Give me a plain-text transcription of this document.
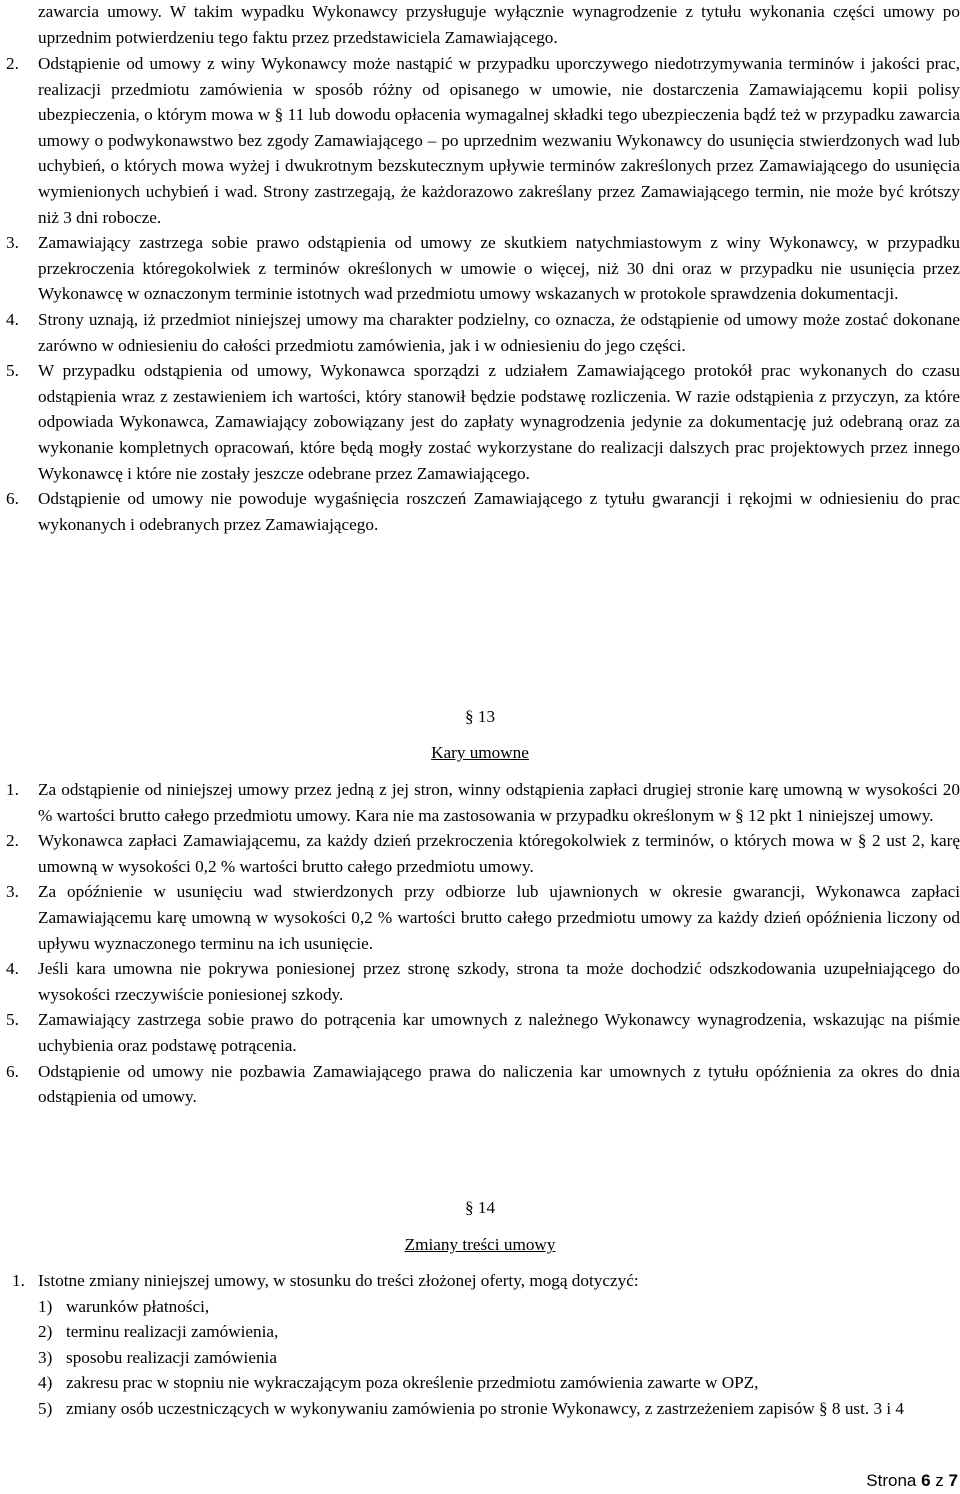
zawarcia umowy. W takim wypadku Wykonawcy przysługuje wyłącznie wynagrodzenie z tytułu wykonania części umowy po uprzednim potwierdzeniu tego faktu przez przedstawiciela Zamawiającego.
2. Odstąpienie od umowy z winy Wykonawcy może nastąpić w przypadku uporczywego niedotrzymywania terminów i jakości prac, realizacji przedmiotu zamówienia w sposób różny od opisanego w umowie, nie dostarczenia Zamawiającemu kopii polisy ubezpieczenia, o którym mowa w § 11 lub dowodu opłacenia wymagalnej składki tego ubezpieczenia bądź też w przypadku zawarcia umowy o podwykonawstwo bez zgody Zamawiającego – po uprzednim wezwaniu Wykonawcy do usunięcia stwierdzonych wad lub uchybień, o których mowa wyżej i dwukrotnym bezskutecznym upływie terminów zakreślonych przez Zamawiającego do usunięcia wymienionych uchybień i wad. Strony zastrzegają, że każdorazowo zakreślany przez Zamawiającego termin, nie może być krótszy niż 3 dni robocze.
3. Zamawiający zastrzega sobie prawo odstąpienia od umowy ze skutkiem natychmiastowym z winy Wykonawcy, w przypadku przekroczenia któregokolwiek z terminów określonych w umowie o więcej, niż 30 dni oraz w przypadku nie usunięcia przez Wykonawcę w oznaczonym terminie istotnych wad przedmiotu umowy wskazanych w protokole sprawdzenia dokumentacji.
4. Strony uznają, iż przedmiot niniejszej umowy ma charakter podzielny, co oznacza, że odstąpienie od umowy może zostać dokonane zarówno w odniesieniu do całości przedmiotu zamówienia, jak i w odniesieniu do jego części.
5. W przypadku odstąpienia od umowy, Wykonawca sporządzi z udziałem Zamawiającego protokół prac wykonanych do czasu odstąpienia wraz z zestawieniem ich wartości, który stanowił będzie podstawę rozliczenia. W razie odstąpienia z przyczyn, za które odpowiada Wykonawca, Zamawiający zobowiązany jest do zapłaty wynagrodzenia jedynie za dokumentację już odebraną oraz za wykonanie kompletnych opracowań, które będą mogły zostać wykorzystane do realizacji dalszych prac projektowych przez innego Wykonawcę i które nie zostały jeszcze odebrane przez Zamawiającego.
6. Odstąpienie od umowy nie powoduje wygaśnięcia roszczeń Zamawiającego z tytułu gwarancji i rękojmi w odniesieniu do prac wykonanych i odebranych przez Zamawiającego.
§ 13
Kary umowne
1. Za odstąpienie od niniejszej umowy przez jedną z jej stron, winny odstąpienia zapłaci drugiej stronie karę umowną w wysokości 20 % wartości brutto całego przedmiotu umowy. Kara nie ma zastosowania w przypadku określonym w § 12 pkt 1 niniejszej umowy.
2. Wykonawca zapłaci Zamawiającemu, za każdy dzień przekroczenia któregokolwiek z terminów, o których mowa w § 2 ust 2, karę umowną w wysokości 0,2 % wartości brutto całego przedmiotu umowy.
3. Za opóźnienie w usunięciu wad stwierdzonych przy odbiorze lub ujawnionych w okresie gwarancji, Wykonawca zapłaci Zamawiającemu karę umowną w wysokości 0,2 % wartości brutto całego przedmiotu umowy za każdy dzień opóźnienia liczony od upływu wyznaczonego terminu na ich usunięcie.
4. Jeśli kara umowna nie pokrywa poniesionej przez stronę szkody, strona ta może dochodzić odszkodowania uzupełniającego do wysokości rzeczywiście poniesionej szkody.
5. Zamawiający zastrzega sobie prawo do potrącenia kar umownych z należnego Wykonawcy wynagrodzenia, wskazując na piśmie uchybienia oraz podstawę potrącenia.
6. Odstąpienie od umowy nie pozbawia Zamawiającego prawa do naliczenia kar umownych z tytułu opóźnienia za okres do dnia odstąpienia od umowy.
§ 14
Zmiany treści umowy
1. Istotne zmiany niniejszej umowy, w stosunku do treści złożonej oferty, mogą dotyczyć:
1) warunków płatności,
2) terminu realizacji zamówienia,
3) sposobu realizacji zamówienia
4) zakresu prac w stopniu nie wykraczającym poza określenie przedmiotu zamówienia zawarte w OPZ,
5) zmiany osób uczestniczących w wykonywaniu zamówienia po stronie Wykonawcy, z zastrzeżeniem zapisów § 8 ust. 3 i 4
Strona 6 z 7
